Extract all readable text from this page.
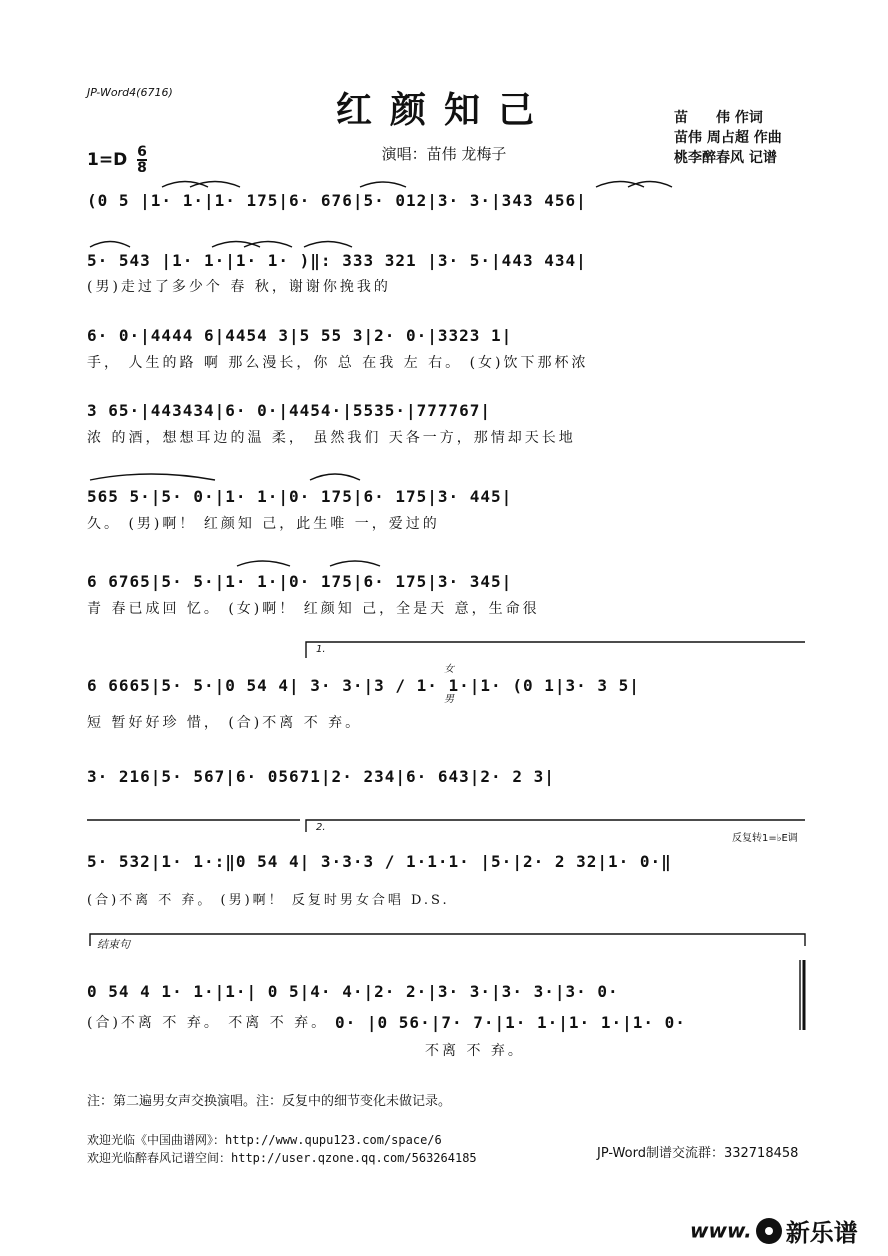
JP-Word4(6716)	红颜知己
$1=D \frac{6}{8}$	演唱：苗伟 龙梅子
苗　　伟 作词
苗伟 周占超 作曲
桃李醉春风 记谱
(0 5 |1· 1·|1· 175|6· 676|5· 012|3· 3·|343 456|
5· 543 |1· 1·|1· 1· )‖: 333 321 |3· 5·|443 434|
(男)走过了多少个 春 秋，谢谢你挽我的
6· 0·|4444 6|4454 3|5 55 3|2· 0·|3323 1|
手， 人生的路 啊 那么漫长，你 总 在我 左 右。 (女)饮下那杯浓
3 65·|443434|6· 0·|4454·|5535·|777767|
浓 的酒，想想耳边的温 柔， 虽然我们 天各一方，那情却天长地
565 5·|5· 0·|1· 1·|0· 175|6· 175|3· 445|
久。 (男)啊！ 红颜知 己，此生唯 一，爱过的
6 6765|5· 5·|1· 1·|0· 175|6· 175|3· 345|
青 春已成回 忆。 (女)啊！ 红颜知 己，全是天 意，生命很
1.
女
男
6 6665|5· 5·|0 54 4| 3· 3·|3 / 1· 1·|1· (0 1|3· 3 5|
短 暂好好珍 惜， (合)不离 不 弃。
3· 216|5· 567|6· 05671|2· 234|6· 643|2· 2 3|
2.
反复转1=♭E调
5· 532|1· 1·:‖0 54 4| 3·3·3 / 1·1·1· |5·|2· 2 32|1· 0·‖
(合)不离 不 弃。 (男)啊！ 反复时男女合唱 D.S.
结束句
0 54 4 1· 1·|1·| 0 5|4· 4·|2· 2·|3· 3·|3· 3·|3· 0·
(合)不离 不 弃。 不离 不 弃。 0· |0 56·|7· 7·|1· 1·|1· 1·|1· 0·
不离 不 弃。
注：第二遍男女声交换演唱。注：反复中的细节变化未做记录。
欢迎光临《中国曲谱网》：http://www.qupu123.com/space/6
欢迎光临醉春风记谱空间：http://user.qzone.qq.com/563264185	JP-Word制谱交流群：332718458
www. 新乐谱
